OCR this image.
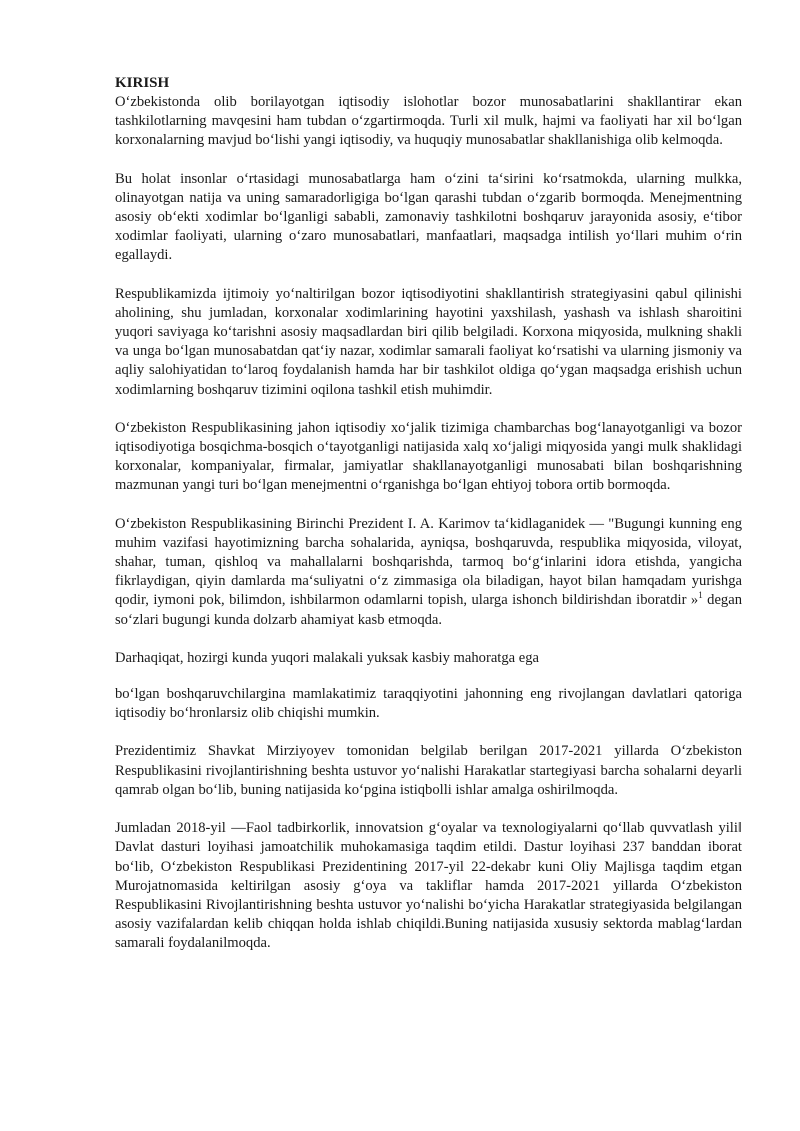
KIRISH

O‘zbekistonda olib borilayotgan iqtisodiy islohotlar bozor munosabatlarini shakllantirar ekan tashkilotlarning mavqesini ham tubdan o‘zgartirmoqda. Turli xil mulk, hajmi va faoliyati har xil bo‘lgan korxonalarning mavjud bo‘lishi yangi iqtisodiy, va huquqiy munosabatlar shakllanishiga olib kelmoqda.

Bu holat insonlar o‘rtasidagi munosabatlarga ham o‘zini ta‘sirini ko‘rsatmokda, ularning mulkka, olinayotgan natija va uning samaradorligiga bo‘lgan qarashi tubdan o‘zgarib bormoqda. Menejmentning asosiy ob‘ekti xodimlar bo‘lganligi sababli, zamonaviy tashkilotni boshqaruv jarayonida asosiy, e‘tibor xodimlar faoliyati, ularning o‘zaro munosabatlari, manfaatlari, maqsadga intilish yo‘llari muhim o‘rin egallaydi.

Respublikamizda ijtimoiy yo‘naltirilgan bozor iqtisodiyotini shakllantirish strategiyasini qabul qilinishi aholining, shu jumladan, korxonalar xodimlarining hayotini yaxshilash, yashash va ishlash sharoitini yuqori saviyaga ko‘tarishni asosiy maqsadlardan biri qilib belgiladi. Korxona miqyosida, mulkning shakli va unga bo‘lgan munosabatdan qat‘iy nazar, xodimlar samarali faoliyat ko‘rsatishi va ularning jismoniy va aqliy salohiyatidan to‘laroq foydalanish hamda har bir tashkilot oldiga qo‘ygan maqsadga erishish uchun xodimlarning boshqaruv tizimini oqilona tashkil etish muhimdir.

O‘zbekiston Respublikasining jahon iqtisodiy xo‘jalik tizimiga chambarchas bog‘lanayotganligi va bozor iqtisodiyotiga bosqichma-bosqich o‘tayotganligi natijasida xalq xo‘jaligi miqyosida yangi mulk shaklidagi korxonalar, kompaniyalar, firmalar, jamiyatlar shakllanayotganligi munosabati bilan boshqarishning mazmunan yangi turi bo‘lgan menejmentni o‘rganishga bo‘lgan ehtiyoj tobora ortib bormoqda.

O‘zbekiston Respublikasining Birinchi Prezident I. A. Karimov ta‘kidlaganidek — "Bugungi kunning eng muhim vazifasi hayotimizning barcha sohalarida, ayniqsa, boshqaruvda, respublika miqyosida, viloyat, shahar, tuman, qishloq va mahallalarni boshqarishda, tarmoq bo‘g‘inlarini idora etishda, yangicha fikrlaydigan, qiyin damlarda ma‘suliyatni o‘z zimmasiga ola biladigan, hayot bilan hamqadam yurishga qodir, iymoni pok, bilimdon, ishbilarmon odamlarni topish, ularga ishonch bildirishdan iboratdir »$^1$ degan so‘zlari bugungi kunda dolzarb ahamiyat kasb etmoqda.

Darhaqiqat, hozirgi kunda yuqori malakali yuksak kasbiy mahoratga ega

bo‘lgan boshqaruvchilargina mamlakatimiz taraqqiyotini jahonning eng rivojlangan davlatlari qatoriga iqtisodiy bo‘hronlarsiz olib chiqishi mumkin.

Prezidentimiz Shavkat Mirziyoyev tomonidan belgilab berilgan 2017-2021 yillarda O‘zbekiston Respublikasini rivojlantirishning beshta ustuvor yo‘nalishi Harakatlar startegiyasi barcha sohalarni deyarli qamrab olgan bo‘lib, buning natijasida ko‘pgina istiqbolli ishlar amalga oshirilmoqda.

Jumladan 2018-yil ―Faol tadbirkorlik, innovatsion g‘oyalar va texnologiyalarni qo‘llab quvvatlash yili‖ Davlat dasturi loyihasi jamoatchilik muhokamasiga taqdim etildi. Dastur loyihasi 237 banddan iborat bo‘lib, O‘zbekiston Respublikasi Prezidentining 2017-yil 22-dekabr kuni Oliy Majlisga taqdim etgan Murojatnomasida keltirilgan asosiy g‘oya va takliflar hamda 2017-2021 yillarda O‘zbekiston Respublikasini Rivojlantirishning beshta ustuvor yo‘nalishi bo‘yicha Harakatlar strategiyasida belgilangan asosiy vazifalardan kelib chiqqan holda ishlab chiqildi.Buning natijasida xususiy sektorda mablag‘lardan samarali foydalanilmoqda.
